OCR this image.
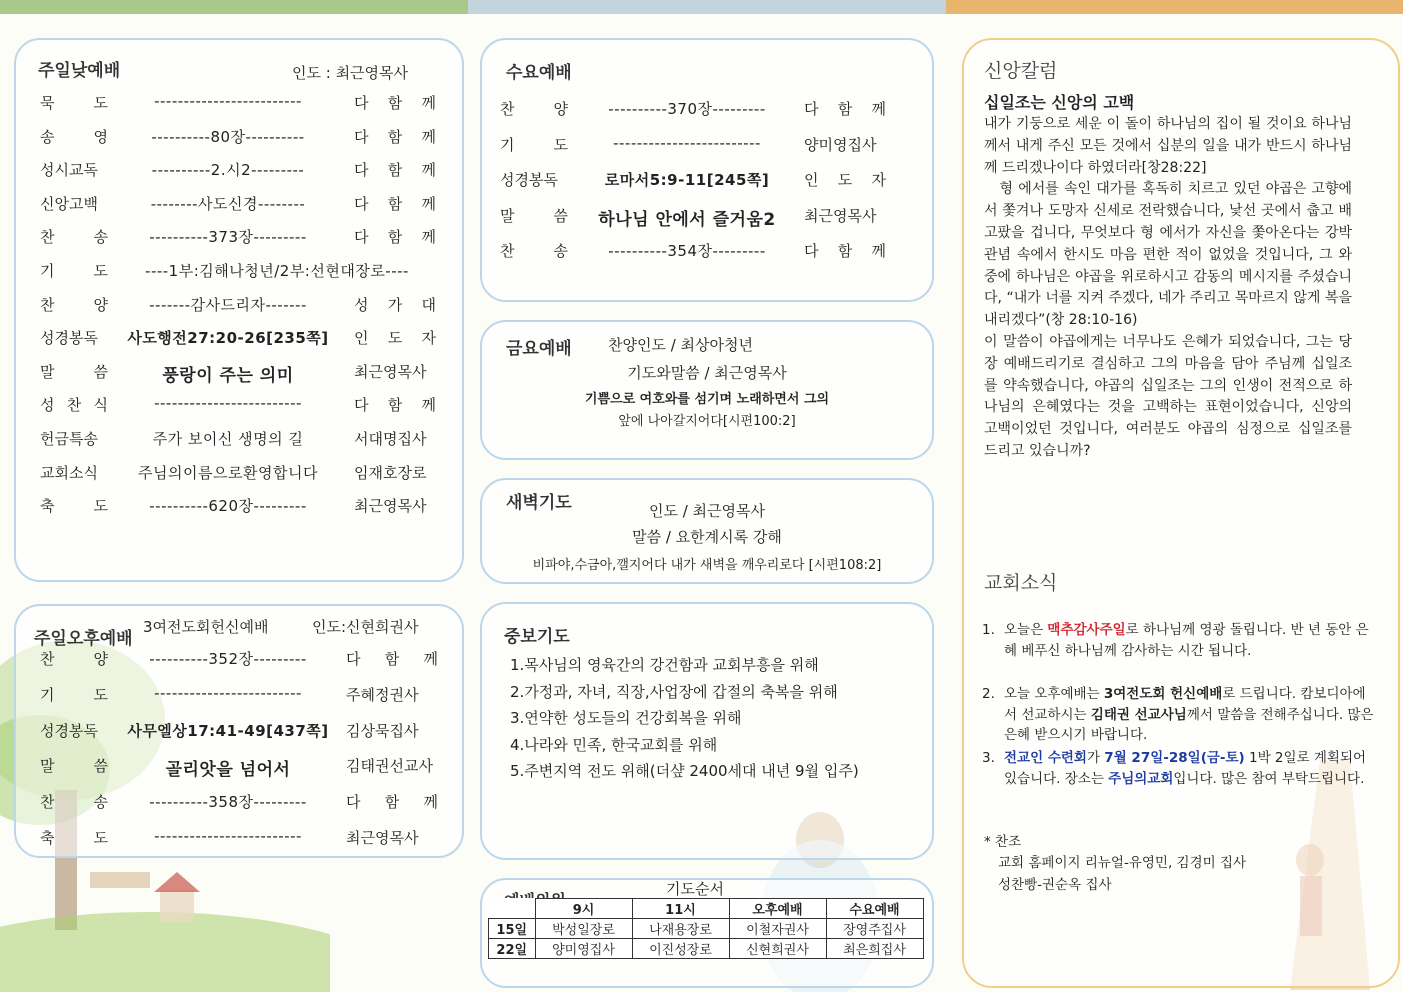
주일낮예배	인도 : 최근영목사
묵 도	-------------------------	다 함 께
송 영	----------80장----------	다 함 께
성시교독	----------2.시2---------	다 함 께
신앙고백	--------사도신경--------	다 함 께
찬 송	----------373장---------	다 함 께
기 도	----1부:김해나청년/2부:선현대장로----
찬 양	-------감사드리자-------	성 가 대
성경봉독	사도행전27:20-26[235쪽]	인 도 자
말 씀	풍랑이 주는 의미	최근영목사
성 찬 식	-------------------------	다 함 께
헌금특송	주가 보이신 생명의 길	서대명집사
교회소식	주님의이름으로환영합니다	임재호장로
축 도	----------620장---------	최근영목사
주일오후예배
3여전도회헌신예배	인도:신현희권사
찬 양	----------352장---------	다 함 께
기 도	-------------------------	주혜정권사
성경봉독	사무엘상17:41-49[437쪽]	김상묵집사
말 씀	골리앗을 넘어서	김태권선교사
찬 송	----------358장---------	다 함 께
축 도	-------------------------	최근영목사
수요예배
찬 양	----------370장---------	다 함 께
기 도	-------------------------	양미영집사
성경봉독	로마서5:9-11[245쪽]	인 도 자
말 씀	하나님 안에서 즐거움2	최근영목사
찬 송	----------354장---------	다 함 께
금요예배 찬양인도 / 최상아청년
기도와말씀 / 최근영목사
기쁨으로 여호와를 섬기며 노래하면서 그의
앞에 나아갈지어다[시편100:2]
새벽기도	인도 / 최근영목사
말씀 / 요한계시록 강해
비파야,수금아,깰지어다 내가 새벽을 깨우리로다 [시편108:2]
중보기도
1.목사님의 영육간의 강건함과 교회부흥을 위해
2.가정과, 자녀, 직장,사업장에 갑절의 축복을 위해
3.연약한 성도들의 건강회복을 위해
4.나라와 민족, 한국교회를 위해
5.주변지역 전도 위해(더샾 2400세대 내년 9월 입주)
기도순서
	9시	11시	오후예배	수요예배
15일	박성일장로	나재용장로	이철자권사	장영주집사
22일	양미영집사	이진성장로	신현희권사	최은희집사
신앙칼럼
십일조는 신앙의 고백
내가 기둥으로 세운 이 돌이 하나님의 집이 될 것이요 하나님께서 내게 주신 모든 것에서 십분의 일을 내가 반드시 하나님께 드리겠나이다 하였더라[창28:22]
형 에서를 속인 대가를 혹독히 치르고 있던 야곱은 고향에서 쫓겨나 도망자 신세로 전락했습니다, 낯선 곳에서 춥고 배고팠을 겁니다, 무엇보다 형 에서가 자신을 쫓아온다는 강박 관념 속에서 한시도 마음 편한 적이 없었을 것입니다, 그 와중에 하나님은 야곱을 위로하시고 감동의 메시지를 주셨습니다, “내가 너를 지켜 주겠다, 네가 주리고 목마르지 않게 복을 내리겠다”(창 28:10-16)
이 말씀이 야곱에게는 너무나도 은혜가 되었습니다, 그는 당장 예배드리기로 결심하고 그의 마음을 담아 주님께 십일조를 약속했습니다, 야곱의 십일조는 그의 인생이 전적으로 하나님의 은혜였다는 것을 고백하는 표현이었습니다, 신앙의 고백이었던 것입니다, 여러분도 야곱의 심정으로 십일조를 드리고 있습니까?
교회소식
1. 오늘은 맥추감사주일로 하나님께 영광 돌립니다. 반 년 동안 은혜 베푸신 하나님께 감사하는 시간 됩니다.
2. 오늘 오후예배는 3여전도회 헌신예배로 드립니다. 캄보디아에서 선교하시는 김태권 선교사님께서 말씀을 전해주십니다. 많은 은혜 받으시기 바랍니다.
3. 전교인 수련회가 7월 27일-28일(금-토) 1박 2일로 계획되어 있습니다. 장소는 주님의교회입니다. 많은 참여 부탁드립니다.
* 찬조
교회 홈페이지 리뉴얼-유영민, 김경미 집사
성찬빵-권순옥 집사
